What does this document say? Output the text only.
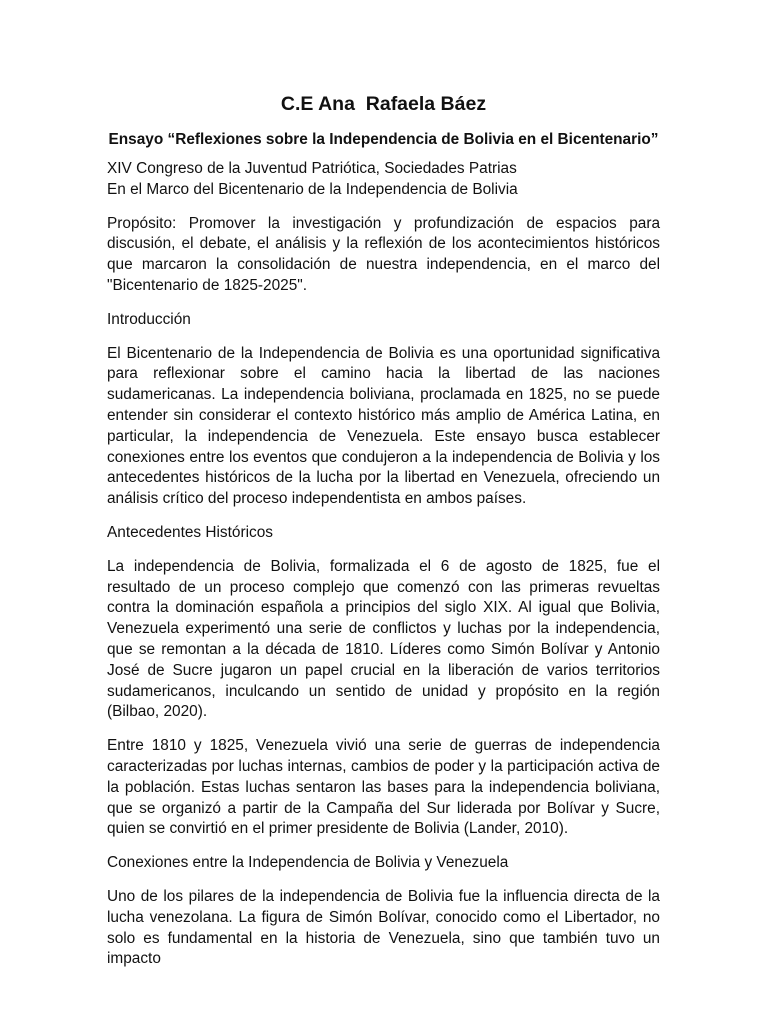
C.E Ana  Rafaela Báez
Ensayo “Reflexiones sobre la Independencia de Bolivia en el Bicentenario”
XIV Congreso de la Juventud Patriótica, Sociedades Patrias
En el Marco del Bicentenario de la Independencia de Bolivia

Propósito: Promover la investigación y profundización de espacios para discusión, el debate, el análisis y la reflexión de los acontecimientos históricos que marcaron la consolidación de nuestra independencia, en el marco del "Bicentenario de 1825-2025".

Introducción

El Bicentenario de la Independencia de Bolivia es una oportunidad significativa para reflexionar sobre el camino hacia la libertad de las naciones sudamericanas. La independencia boliviana, proclamada en 1825, no se puede entender sin considerar el contexto histórico más amplio de América Latina, en particular, la independencia de Venezuela. Este ensayo busca establecer conexiones entre los eventos que condujeron a la independencia de Bolivia y los antecedentes históricos de la lucha por la libertad en Venezuela, ofreciendo un análisis crítico del proceso independentista en ambos países.

Antecedentes Históricos

La independencia de Bolivia, formalizada el 6 de agosto de 1825, fue el resultado de un proceso complejo que comenzó con las primeras revueltas contra la dominación española a principios del siglo XIX. Al igual que Bolivia, Venezuela experimentó una serie de conflictos y luchas por la independencia, que se remontan a la década de 1810. Líderes como Simón Bolívar y Antonio José de Sucre jugaron un papel crucial en la liberación de varios territorios sudamericanos, inculcando un sentido de unidad y propósito en la región (Bilbao, 2020).

Entre 1810 y 1825, Venezuela vivió una serie de guerras de independencia caracterizadas por luchas internas, cambios de poder y la participación activa de la población. Estas luchas sentaron las bases para la independencia boliviana, que se organizó a partir de la Campaña del Sur liderada por Bolívar y Sucre, quien se convirtió en el primer presidente de Bolivia (Lander, 2010).

Conexiones entre la Independencia de Bolivia y Venezuela

Uno de los pilares de la independencia de Bolivia fue la influencia directa de la lucha venezolana. La figura de Simón Bolívar, conocido como el Libertador, no solo es fundamental en la historia de Venezuela, sino que también tuvo un impacto
